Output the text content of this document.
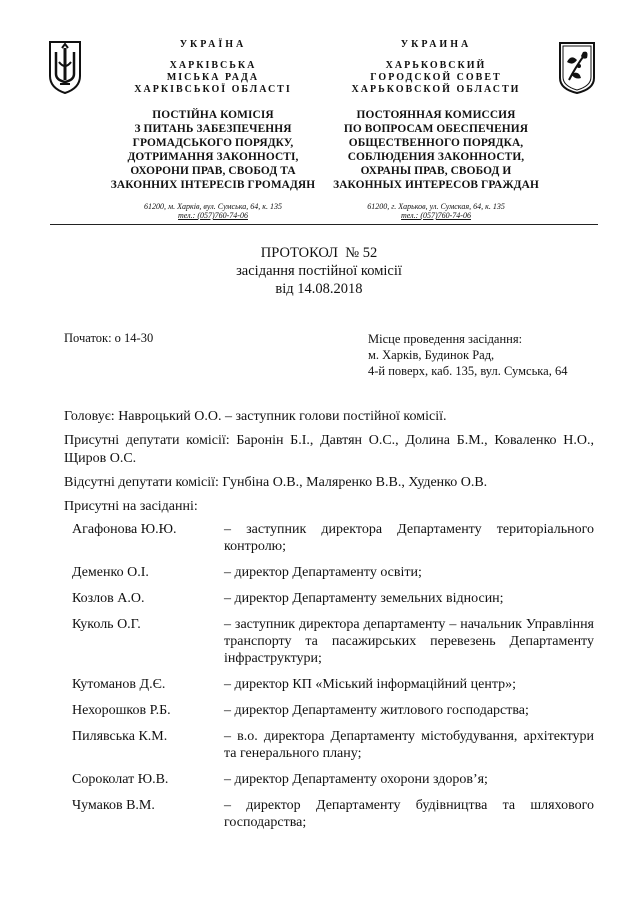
УКРАЇНА
ХАРКІВСЬКА
МІСЬКА РАДА
ХАРКІВСЬКОЇ ОБЛАСТІ
ПОСТІЙНА КОМІСІЯ
З ПИТАНЬ ЗАБЕЗПЕЧЕННЯ
ГРОМАДСЬКОГО ПОРЯДКУ,
ДОТРИМАННЯ ЗАКОННОСТІ,
ОХОРОНИ ПРАВ, СВОБОД ТА
ЗАКОННИХ ІНТЕРЕСІВ ГРОМАДЯН
61200, м. Харків, вул. Сумська, 64, к. 135
тел.: (057)760-74-06
УКРАИНА
ХАРЬКОВСКИЙ
ГОРОДСКОЙ СОВЕТ
ХАРЬКОВСКОЙ ОБЛАСТИ
ПОСТОЯННАЯ КОМИССИЯ
ПО ВОПРОСАМ ОБЕСПЕЧЕНИЯ
ОБЩЕСТВЕННОГО ПОРЯДКА,
СОБЛЮДЕНИЯ ЗАКОННОСТИ,
ОХРАНЫ ПРАВ, СВОБОД И
ЗАКОННЫХ ИНТЕРЕСОВ ГРАЖДАН
61200, г. Харьков, ул. Сумская, 64, к. 135
тел.: (057)760-74-06
ПРОТОКОЛ  № 52
засідання постійної комісії
від 14.08.2018
Початок: о 14-30	Місце проведення засідання:
м. Харків, Будинок Рад,
4-й поверх, каб. 135, вул. Сумська, 64
Головує: Навроцький О.О. – заступник голови постійної комісії.
Присутні депутати комісії: Баронін Б.І., Давтян О.С., Долина Б.М., Коваленко Н.О., Щиров О.С.
Відсутні депутати комісії: Гунбіна О.В., Маляренко В.В., Худенко О.В.
Присутні на засіданні:
Агафонова Ю.Ю.	– заступник директора Департаменту територіального контролю;
Деменко О.І.	– директор Департаменту освіти;
Козлов А.О.	– директор Департаменту земельних відносин;
Куколь О.Г.	– заступник директора департаменту – начальник Управління транспорту та пасажирських перевезень Департаменту інфраструктури;
Кутоманов Д.Є.	– директор КП «Міський інформаційний центр»;
Нехорошков Р.Б.	– директор Департаменту житлового господарства;
Пилявська К.М.	– в.о. директора Департаменту містобудування, архітектури та генерального плану;
Сороколат Ю.В.	– директор Департаменту охорони здоров’я;
Чумаков В.М.	– директор Департаменту будівництва та шляхового господарства;
